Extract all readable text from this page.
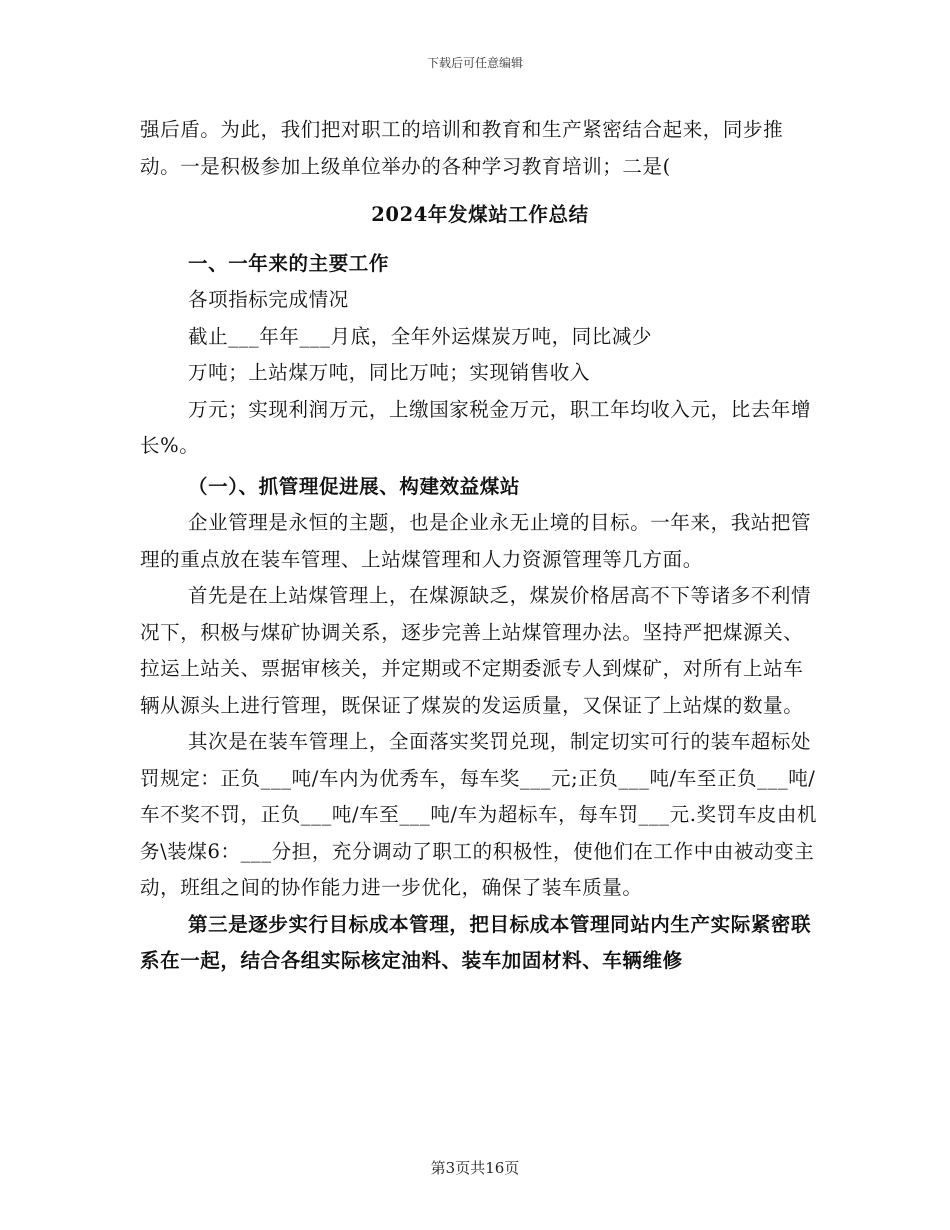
下载后可任意编辑

强后盾。为此，我们把对职工的培训和教育和生产紧密结合起来，同步推动。一是积极参加上级单位举办的各种学习教育培训；二是(

2024年发煤站工作总结

一、一年来的主要工作

各项指标完成情况

截止___年年___月底，全年外运煤炭万吨，同比减少

万吨；上站煤万吨，同比万吨；实现销售收入

万元；实现利润万元，上缴国家税金万元，职工年均收入元，比去年增长%。

（一）、抓管理促进展、构建效益煤站

企业管理是永恒的主题，也是企业永无止境的目标。一年来，我站把管理的重点放在装车管理、上站煤管理和人力资源管理等几方面。

首先是在上站煤管理上，在煤源缺乏，煤炭价格居高不下等诸多不利情况下，积极与煤矿协调关系，逐步完善上站煤管理办法。坚持严把煤源关、拉运上站关、票据审核关，并定期或不定期委派专人到煤矿，对所有上站车辆从源头上进行管理，既保证了煤炭的发运质量，又保证了上站煤的数量。

其次是在装车管理上，全面落实奖罚兑现，制定切实可行的装车超标处罚规定：正负___吨/车内为优秀车，每车奖___元;正负___吨/车至正负___吨/车不奖不罚，正负___吨/车至___吨/车为超标车，每车罚___元.奖罚车皮由机务\装煤6：___分担，充分调动了职工的积极性，使他们在工作中由被动变主动，班组之间的协作能力进一步优化，确保了装车质量。

第三是逐步实行目标成本管理，把目标成本管理同站内生产实际紧密联系在一起，结合各组实际核定油料、装车加固材料、车辆维修

第3页共16页
